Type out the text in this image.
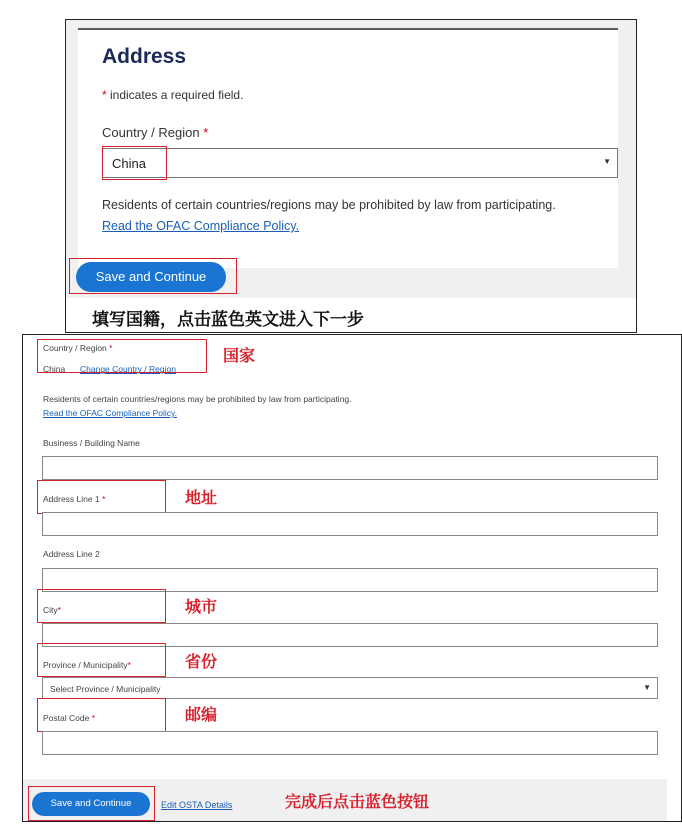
Address
* indicates a required field.
Country / Region *
China	▼
Residents of certain countries/regions may be prohibited by law from participating.
Read the OFAC Compliance Policy.
Save and Continue
填写国籍，点击蓝色英文进入下一步
Country / Region *
China Change Country / Region
国家
Residents of certain countries/regions may be prohibited by law from participating.
Read the OFAC Compliance Policy.
Business / Building Name
Address Line 1 *	地址
Address Line 2
City*	城市
Province / Municipality*	省份
Select Province / Municipality	▼
Postal Code *	邮编
Save and Continue	Edit OSTA Details	完成后点击蓝色按钮
